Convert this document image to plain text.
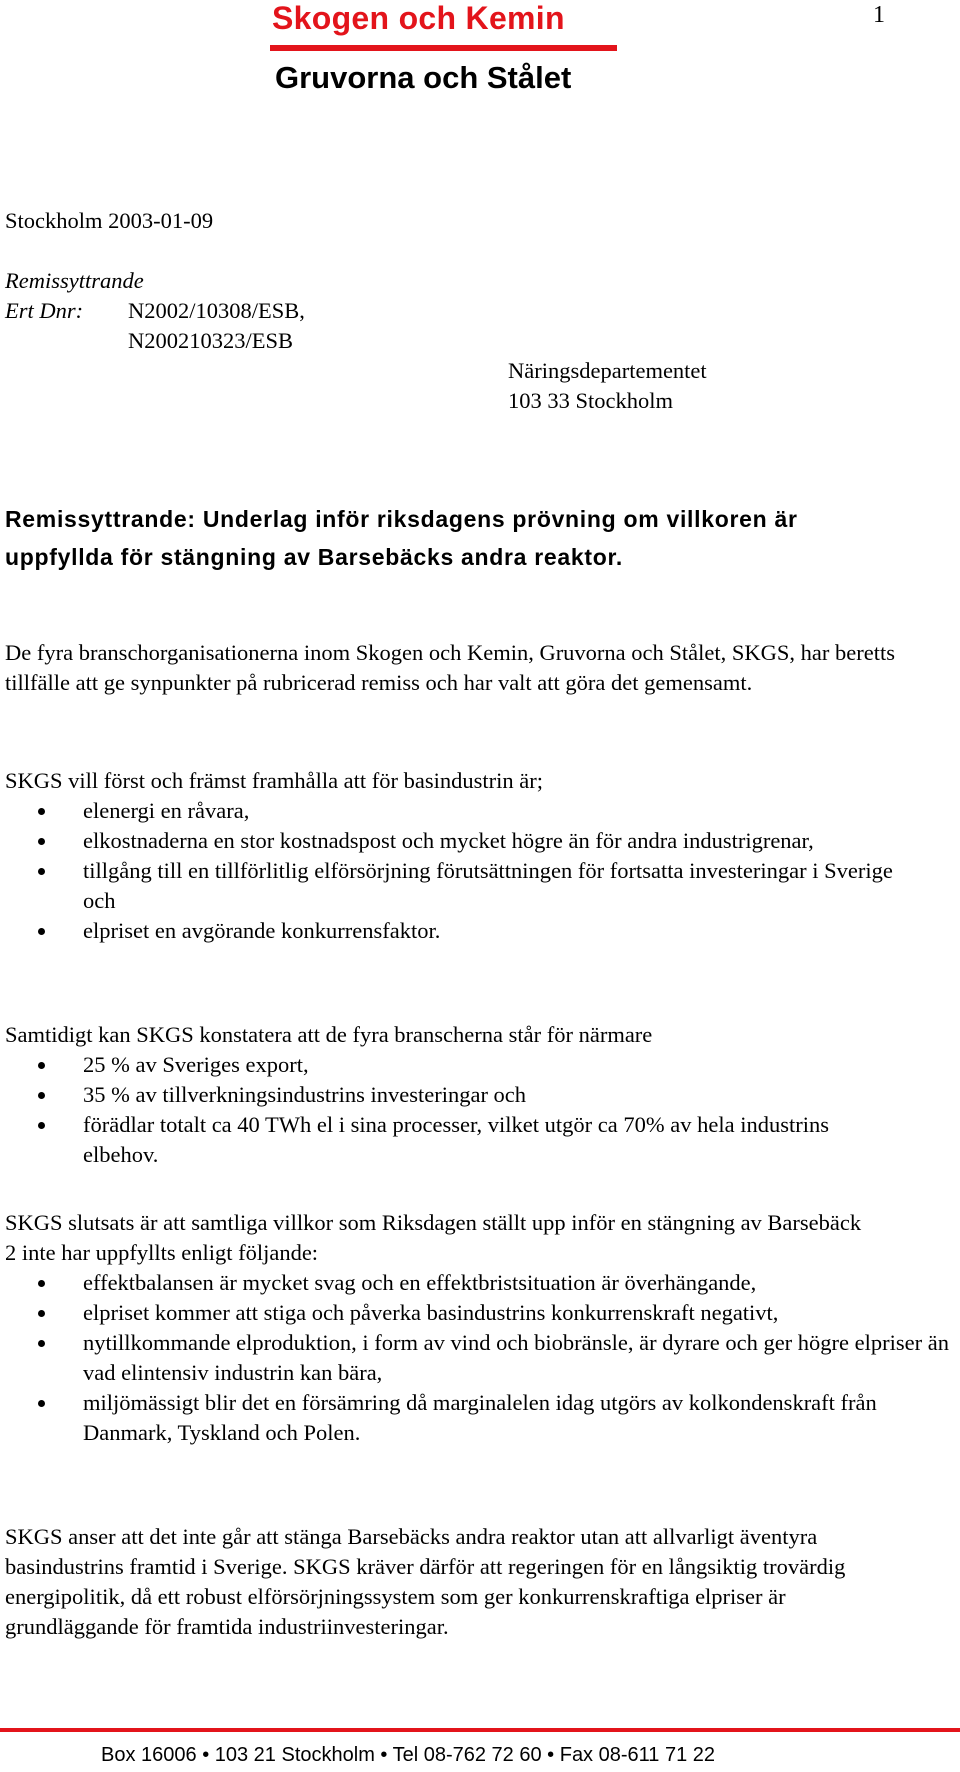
Skogen och Kemin
Gruvorna och Stålet
1
Stockholm 2003-01-09
Remissyttrande
Ert Dnr: N2002/10308/ESB,
N200210323/ESB
Näringsdepartementet
103 33 Stockholm
Remissyttrande: Underlag inför riksdagens prövning om villkoren är uppfyllda för stängning av Barsebäcks andra reaktor.

De fyra branschorganisationerna inom Skogen och Kemin, Gruvorna och Stålet, SKGS, har beretts tillfälle att ge synpunkter på rubricerad remiss och har valt att göra det gemensamt.

SKGS vill först och främst framhålla att för basindustrin är;

elenergi en råvara,
elkostnaderna en stor kostnadspost och mycket högre än för andra industrigrenar,
tillgång till en tillförlitlig elförsörjning förutsättningen för fortsatta investeringar i Sverige och
elpriset en avgörande konkurrensfaktor.

Samtidigt kan SKGS konstatera att de fyra branscherna står för närmare

25 % av Sveriges export,
35 % av tillverkningsindustrins investeringar och
förädlar totalt ca 40 TWh el i sina processer, vilket utgör ca 70% av hela industrins elbehov.

SKGS slutsats är att samtliga villkor som Riksdagen ställt upp inför en stängning av Barsebäck 2 inte har uppfyllts enligt följande:

effektbalansen är mycket svag och en effektbristsituation är överhängande,
elpriset kommer att stiga och påverka basindustrins konkurrenskraft negativt,
nytillkommande elproduktion, i form av vind och biobränsle, är dyrare och ger högre elpriser än vad elintensiv industrin kan bära,
miljömässigt blir det en försämring då marginalelen idag utgörs av kolkondenskraft från Danmark, Tyskland och Polen.

SKGS anser att det inte går att stänga Barsebäcks andra reaktor utan att allvarligt äventyra basindustrins framtid i Sverige. SKGS kräver därför att regeringen för en långsiktig trovärdig energipolitik, då ett robust elförsörjningssystem som ger konkurrenskraftiga elpriser är grundläggande för framtida industriinvesteringar.

Box 16006 • 103 21 Stockholm • Tel 08-762 72 60 • Fax 08-611 71 22
